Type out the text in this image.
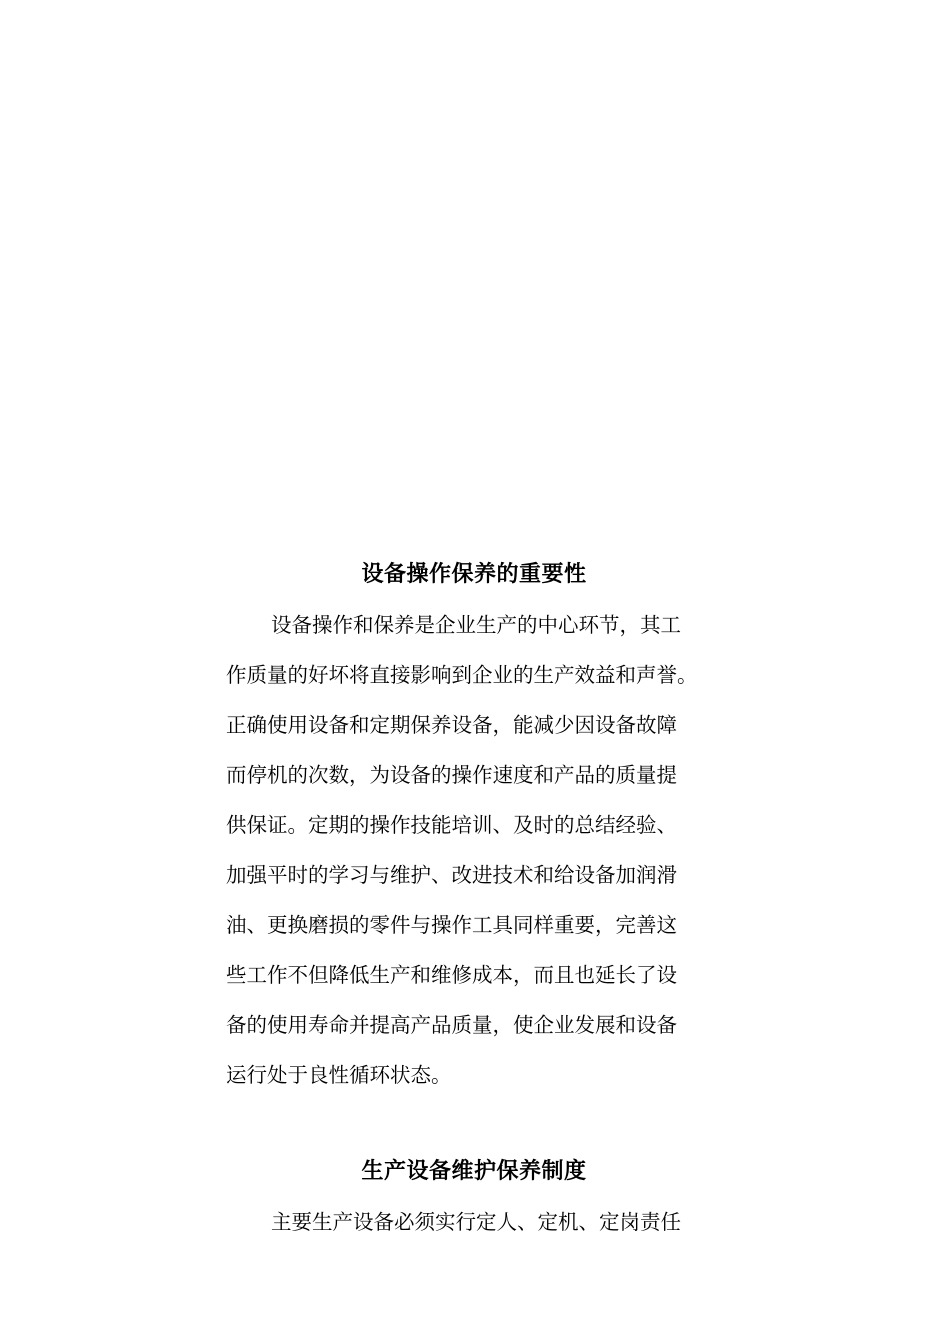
设备操作保养的重要性
设备操作和保养是企业生产的中心环节，其工
作质量的好坏将直接影响到企业的生产效益和声誉。
正确使用设备和定期保养设备，能减少因设备故障
而停机的次数，为设备的操作速度和产品的质量提
供保证。定期的操作技能培训、及时的总结经验、
加强平时的学习与维护、改进技术和给设备加润滑
油、更换磨损的零件与操作工具同样重要，完善这
些工作不但降低生产和维修成本，而且也延长了设
备的使用寿命并提高产品质量，使企业发展和设备
运行处于良性循环状态。
生产设备维护保养制度
主要生产设备必须实行定人、定机、定岗责任
